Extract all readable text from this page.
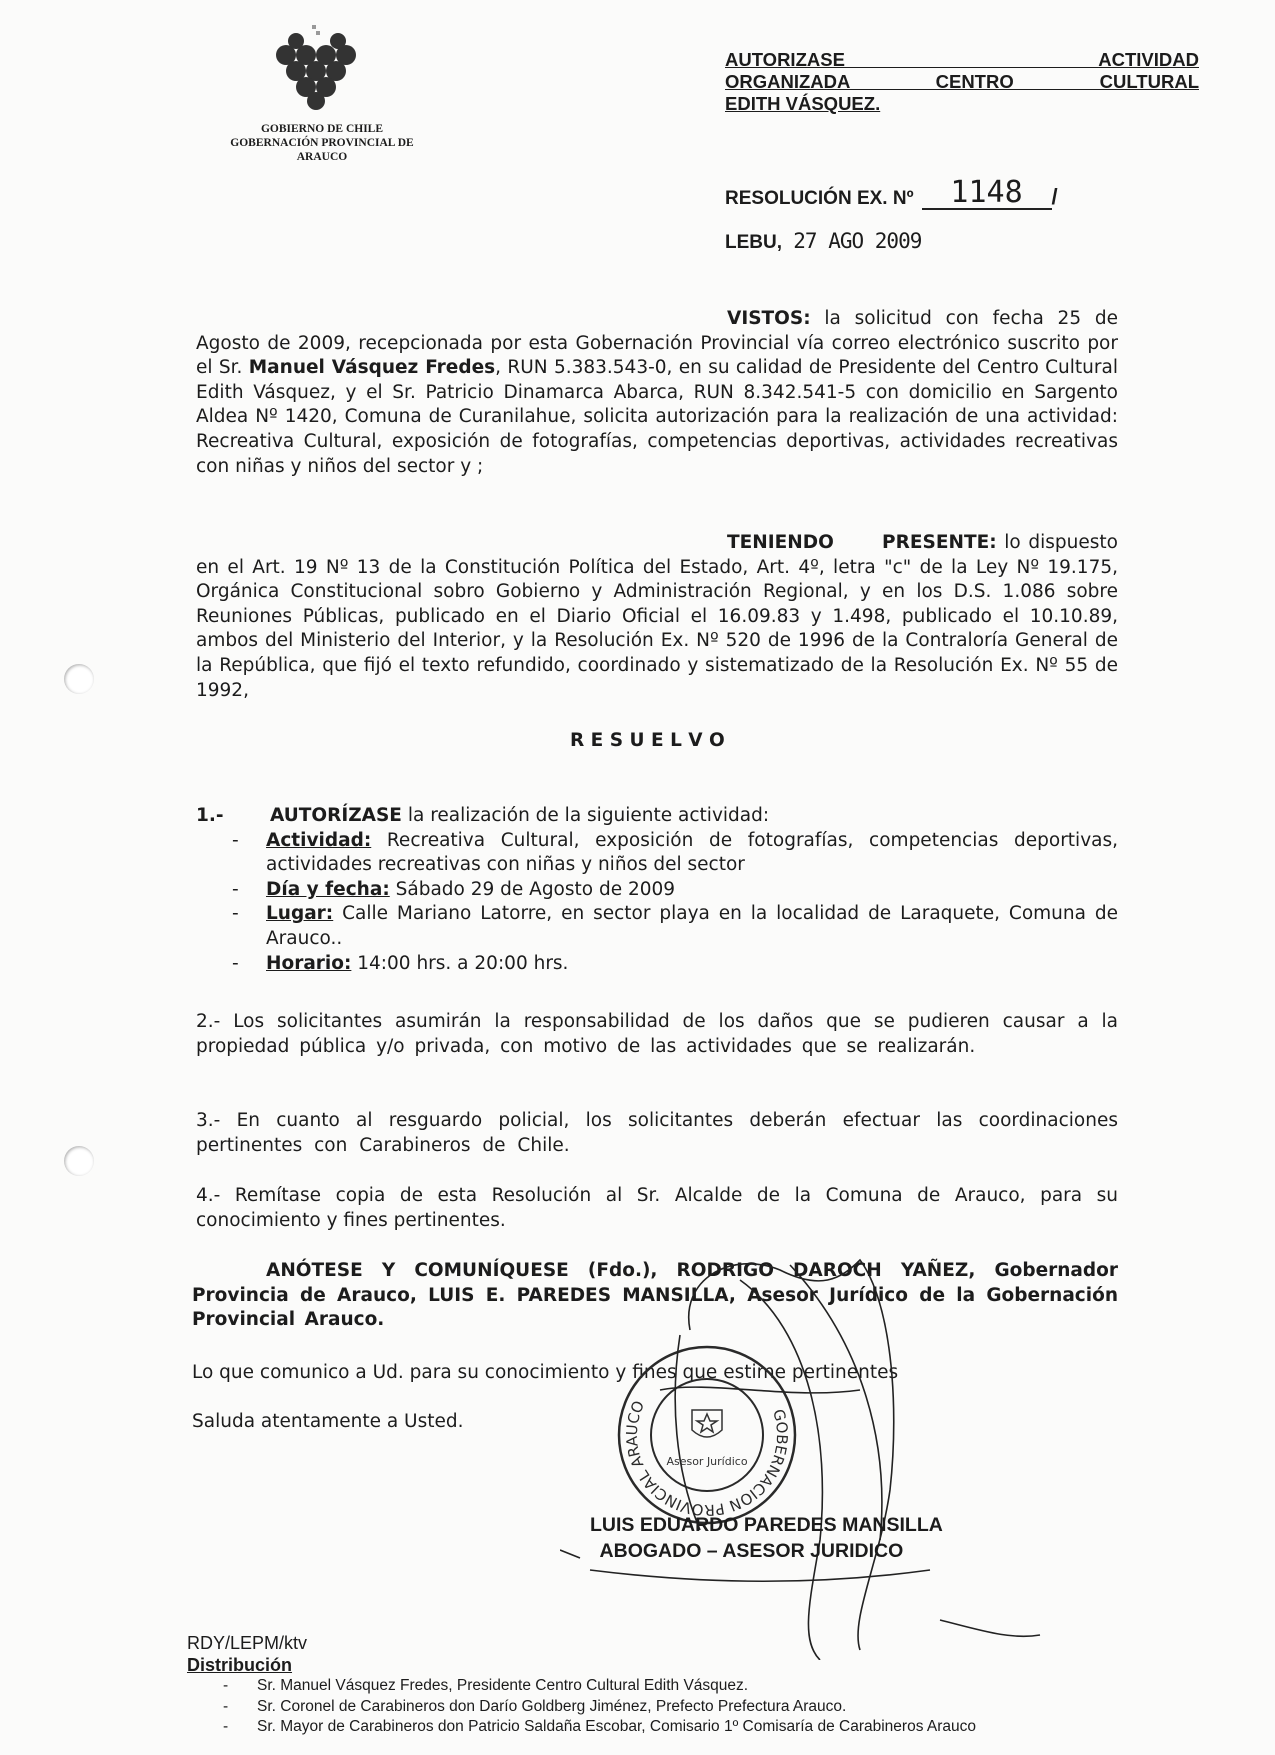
GOBIERNO DE CHILE
GOBERNACIÓN PROVINCIAL DE
ARAUCO
AUTORIZASE ACTIVIDAD
ORGANIZADA CENTRO CULTURAL
EDITH VÁSQUEZ.
RESOLUCIÓN EX. Nº	1148	/
LEBU, 27 AGO 2009
VISTOS: la solicitud con fecha 25 de Agosto de 2009, recepcionada por esta Gobernación Provincial vía correo electrónico suscrito por el Sr. Manuel Vásquez Fredes, RUN 5.383.543-0, en su calidad de Presidente del Centro Cultural Edith Vásquez, y el Sr. Patricio Dinamarca Abarca, RUN 8.342.541-5 con domicilio en Sargento Aldea Nº 1420, Comuna de Curanilahue, solicita autorización para la realización de una actividad: Recreativa Cultural, exposición de fotografías, competencias deportivas, actividades recreativas con niñas y niños del sector y ;
TENIENDO PRESENTE: lo dispuesto en el Art. 19 Nº 13 de la Constitución Política del Estado, Art. 4º, letra "c" de la Ley Nº 19.175, Orgánica Constitucional sobro Gobierno y Administración Regional, y en los D.S. 1.086 sobre Reuniones Públicas, publicado en el Diario Oficial el 16.09.83 y 1.498, publicado el 10.10.89, ambos del Ministerio del Interior, y la Resolución Ex. Nº 520 de 1996 de la Contraloría General de la República, que fijó el texto refundido, coordinado y sistematizado de la Resolución Ex. Nº 55 de 1992,
R E S U E L V O
1.-	AUTORÍZASE la realización de la siguiente actividad:
-	Actividad: Recreativa Cultural, exposición de fotografías, competencias deportivas, actividades recreativas con niñas y niños del sector
-	Día y fecha: Sábado 29 de Agosto de 2009
-	Lugar: Calle Mariano Latorre, en sector playa en la localidad de Laraquete, Comuna de Arauco..
-	Horario: 14:00 hrs. a 20:00 hrs.
2.- Los solicitantes asumirán la responsabilidad de los daños que se pudieren causar a la propiedad pública y/o privada, con motivo de las actividades que se realizarán.
3.- En cuanto al resguardo policial, los solicitantes deberán efectuar las coordinaciones pertinentes con Carabineros de Chile.
4.- Remítase copia de esta Resolución al Sr. Alcalde de la Comuna de Arauco, para su conocimiento y fines pertinentes.
ANÓTESE Y COMUNÍQUESE (Fdo.), RODRIGO DAROCH YAÑEZ, Gobernador Provincia de Arauco, LUIS E. PAREDES MANSILLA, Asesor Jurídico de la Gobernación Provincial Arauco.
Lo que comunico a Ud. para su conocimiento y fines que estime pertinentes
Saluda atentamente a Usted.	GOBERNACION PROVINCIAL ARAUCO
Asesor Jurídico
LUIS EDUARDO PAREDES MANSILLA
ABOGADO – ASESOR JURIDICO
RDY/LEPM/ktv
Distribución
-	Sr. Manuel Vásquez Fredes, Presidente Centro Cultural Edith Vásquez.
-	Sr. Coronel de Carabineros don Darío Goldberg Jiménez, Prefecto Prefectura Arauco.
-	Sr. Mayor de Carabineros don Patricio Saldaña Escobar, Comisario 1º Comisaría de Carabineros Arauco
